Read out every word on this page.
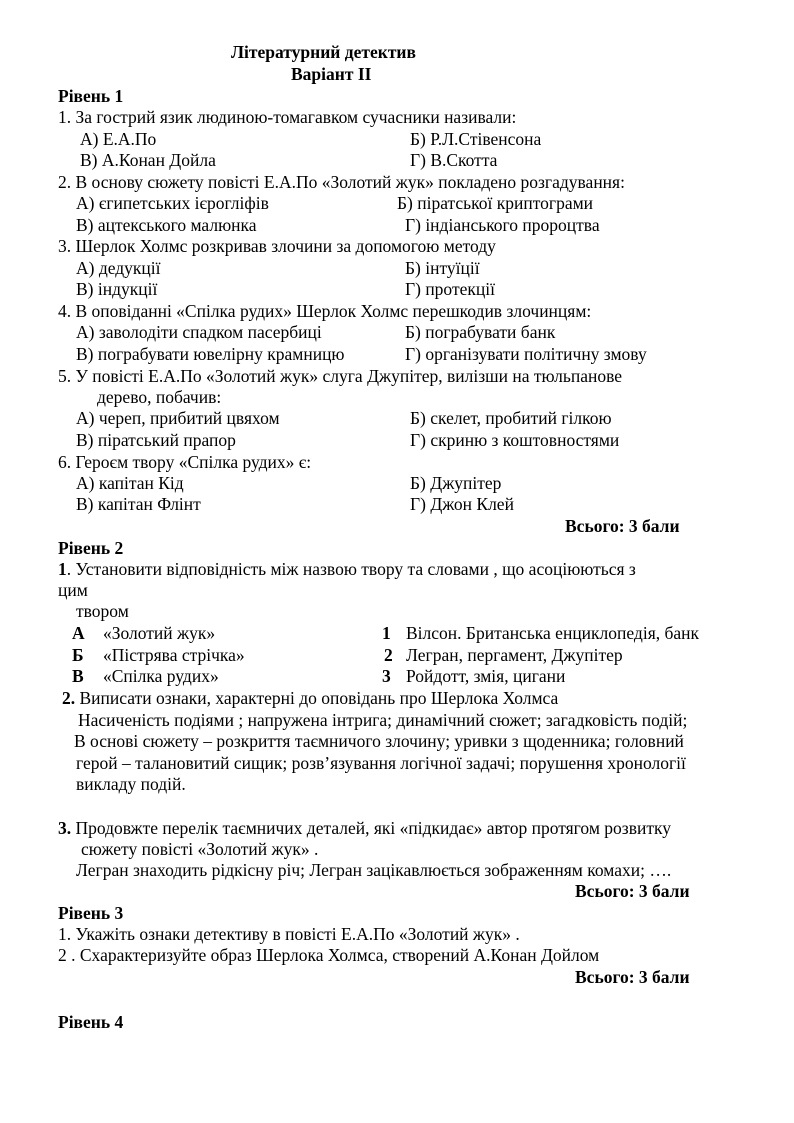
Літературний детектив
Варіант II
Рівень 1
1. За гострий язик людиною-томагавком сучасники називали:
А) Е.А.По	Б) Р.Л.Стівенсона
В) А.Конан Дойла	Г) В.Скотта
2. В основу сюжету повісті Е.А.По «Золотий жук» покладено розгадування:
А) єгипетських ієрогліфів	Б) піратської криптограми
В) ацтекського малюнка	Г) індіанського пророцтва
3. Шерлок Холмс розкривав злочини за допомогою методу
А) дедукції	Б) інтуїції
В) індукції	Г) протекції
4. В оповіданні «Спілка рудих» Шерлок Холмс перешкодив злочинцям:
А) заволодіти спадком пасербиці	Б) пограбувати банк
В) пограбувати ювелірну крамницю	Г) організувати політичну змову
5. У повісті Е.А.По «Золотий жук» слуга Джупітер, вилізши на тюльпанове
дерево, побачив:
А) череп, прибитий цвяхом	Б) скелет, пробитий гілкою
В) піратський прапор	Г) скриню з коштовностями
6. Героєм твору «Спілка рудих» є:
А) капітан Кід	Б) Джупітер
В) капітан Флінт	Г) Джон Клей
Всього: 3 бали
Рівень 2
1. Установити відповідність між назвою твору та словами , що асоціюються з
цим
твором
А «Золотий жук»	1 Вілсон. Британська енциклопедія, банк
Б «Пістрява стрічка»	2 Легран, пергамент, Джупітер
В «Спілка рудих»	3 Ройдотт, змія, цигани
2. Виписати ознаки, характерні до оповідань про Шерлока Холмса
Насиченість подіями ; напружена інтрига; динамічний сюжет; загадковість подій;
В основі сюжету – розкриття таємничого злочину; уривки з щоденника; головний
герой – талановитий сищик; розв’язування логічної задачі; порушення хронології
викладу подій.
3. Продовжте перелік таємничих деталей, які «підкидає» автор протягом розвитку
сюжету повісті «Золотий жук» .
Легран знаходить рідкісну річ; Легран зацікавлюється зображенням комахи; ….
Всього: 3 бали
Рівень 3
1. Укажіть ознаки детективу в повісті Е.А.По «Золотий жук» .
2 . Схарактеризуйте образ Шерлока Холмса, створений А.Конан Дойлом
Всього: 3 бали
Рівень 4
